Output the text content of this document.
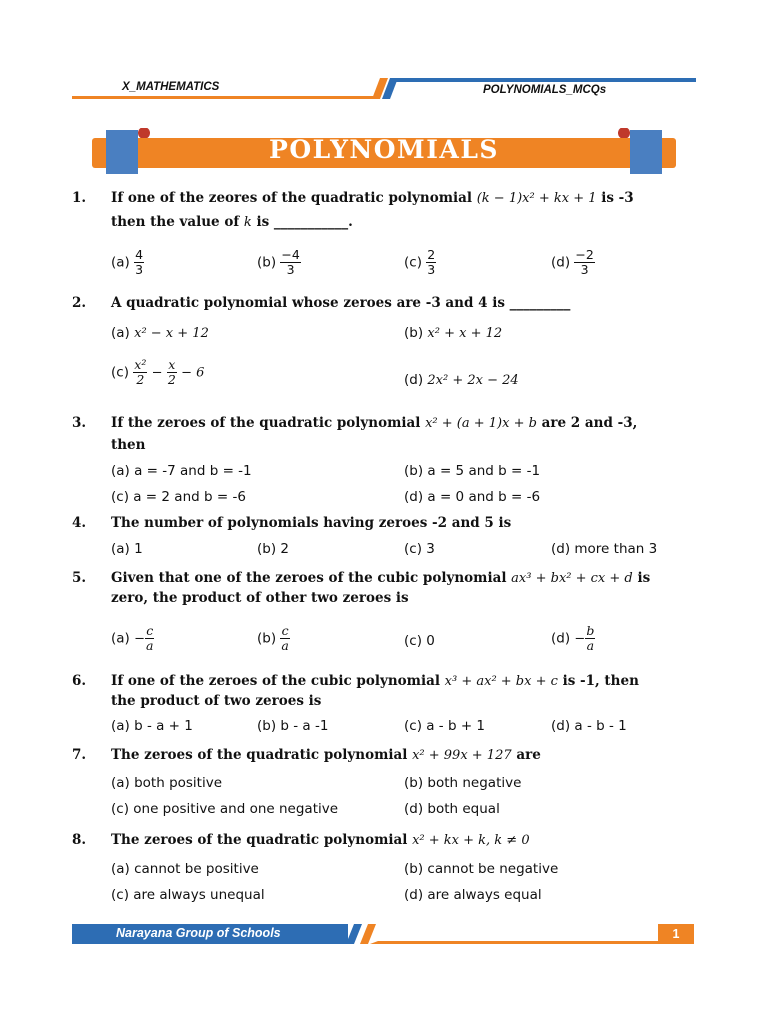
X_MATHEMATICS	POLYNOMIALS_MCQs
POLYNOMIALS
1. If one of the zeores of the quadratic polynomial (k − 1)x² + kx + 1 is -3
then the value of k is ___________.
$(a) \frac{4}{3}$	$(b) \frac{-4}{3}$	$(c) \frac{2}{3}$	$(d) \frac{-2}{3}$
2. A quadratic polynomial whose zeroes are -3 and 4 is _________
(a) x² − x + 12	(b) x² + x + 12
$(c) \frac{\text{x²}}{2} - \frac{x}{2} - 6$	(d) 2x² + 2x − 24
3. If the zeroes of the quadratic polynomial x² + (a + 1)x + b are 2 and -3,
then
(a) a = -7 and b = -1	(b) a = 5 and b = -1
(c) a = 2 and b = -6	(d) a = 0 and b = -6
4. The number of polynomials having zeroes -2 and 5 is
(a) 1	(b) 2	(c) 3	(d) more than 3
5. Given that one of the zeroes of the cubic polynomial ax³ + bx² + cx + d is
zero, the product of other two zeroes is
$(a) - \frac{c}{a}$	$(b) \frac{c}{a}$	(c) 0	$(d) - \frac{b}{a}$
6. If one of the zeroes of the cubic polynomial x³ + ax² + bx + c is -1, then
the product of two zeroes is
(a) b - a + 1	(b) b - a -1	(c) a - b + 1	(d) a - b - 1
7. The zeroes of the quadratic polynomial x² + 99x + 127 are
(a) both positive	(b) both negative
(c) one positive and one negative	(d) both equal
8. The zeroes of the quadratic polynomial x² + kx + k, k ≠ 0
(a) cannot be positive	(b) cannot be negative
(c) are always unequal	(d) are always equal
Narayana Group of Schools	1
